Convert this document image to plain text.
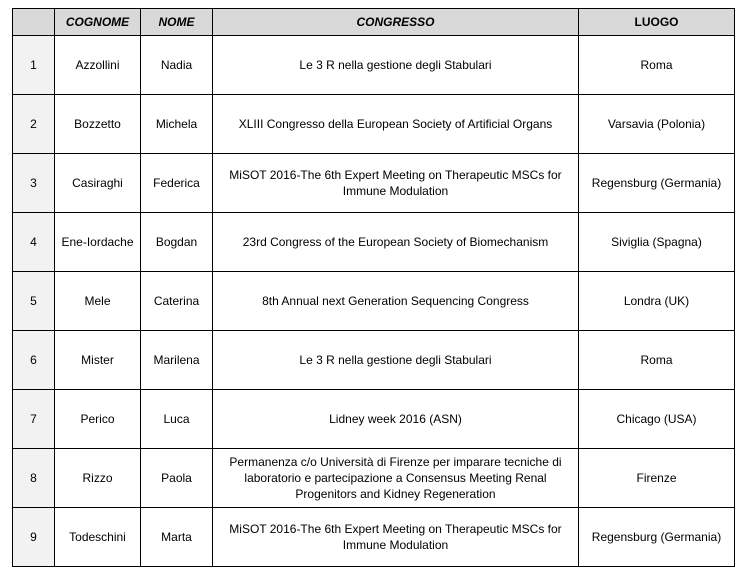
	COGNOME	NOME	CONGRESSO	LUOGO
1	Azzollini	Nadia	Le 3 R nella gestione degli Stabulari	Roma
2	Bozzetto	Michela	XLIII Congresso della European Society of Artificial Organs	Varsavia (Polonia)
3	Casiraghi	Federica	MiSOT 2016-The 6th Expert Meeting on Therapeutic MSCs for Immune Modulation	Regensburg (Germania)
4	Ene-Iordache	Bogdan	23rd Congress of the European Society of Biomechanism	Siviglia (Spagna)
5	Mele	Caterina	8th Annual next Generation Sequencing Congress	Londra (UK)
6	Mister	Marilena	Le 3 R nella gestione degli Stabulari	Roma
7	Perico	Luca	Lidney week 2016 (ASN)	Chicago (USA)
8	Rizzo	Paola	Permanenza c/o Università di Firenze per imparare tecniche di laboratorio e partecipazione a Consensus Meeting Renal Progenitors and Kidney Regeneration	Firenze
9	Todeschini	Marta	MiSOT 2016-The 6th Expert Meeting on Therapeutic MSCs for Immune Modulation	Regensburg (Germania)
